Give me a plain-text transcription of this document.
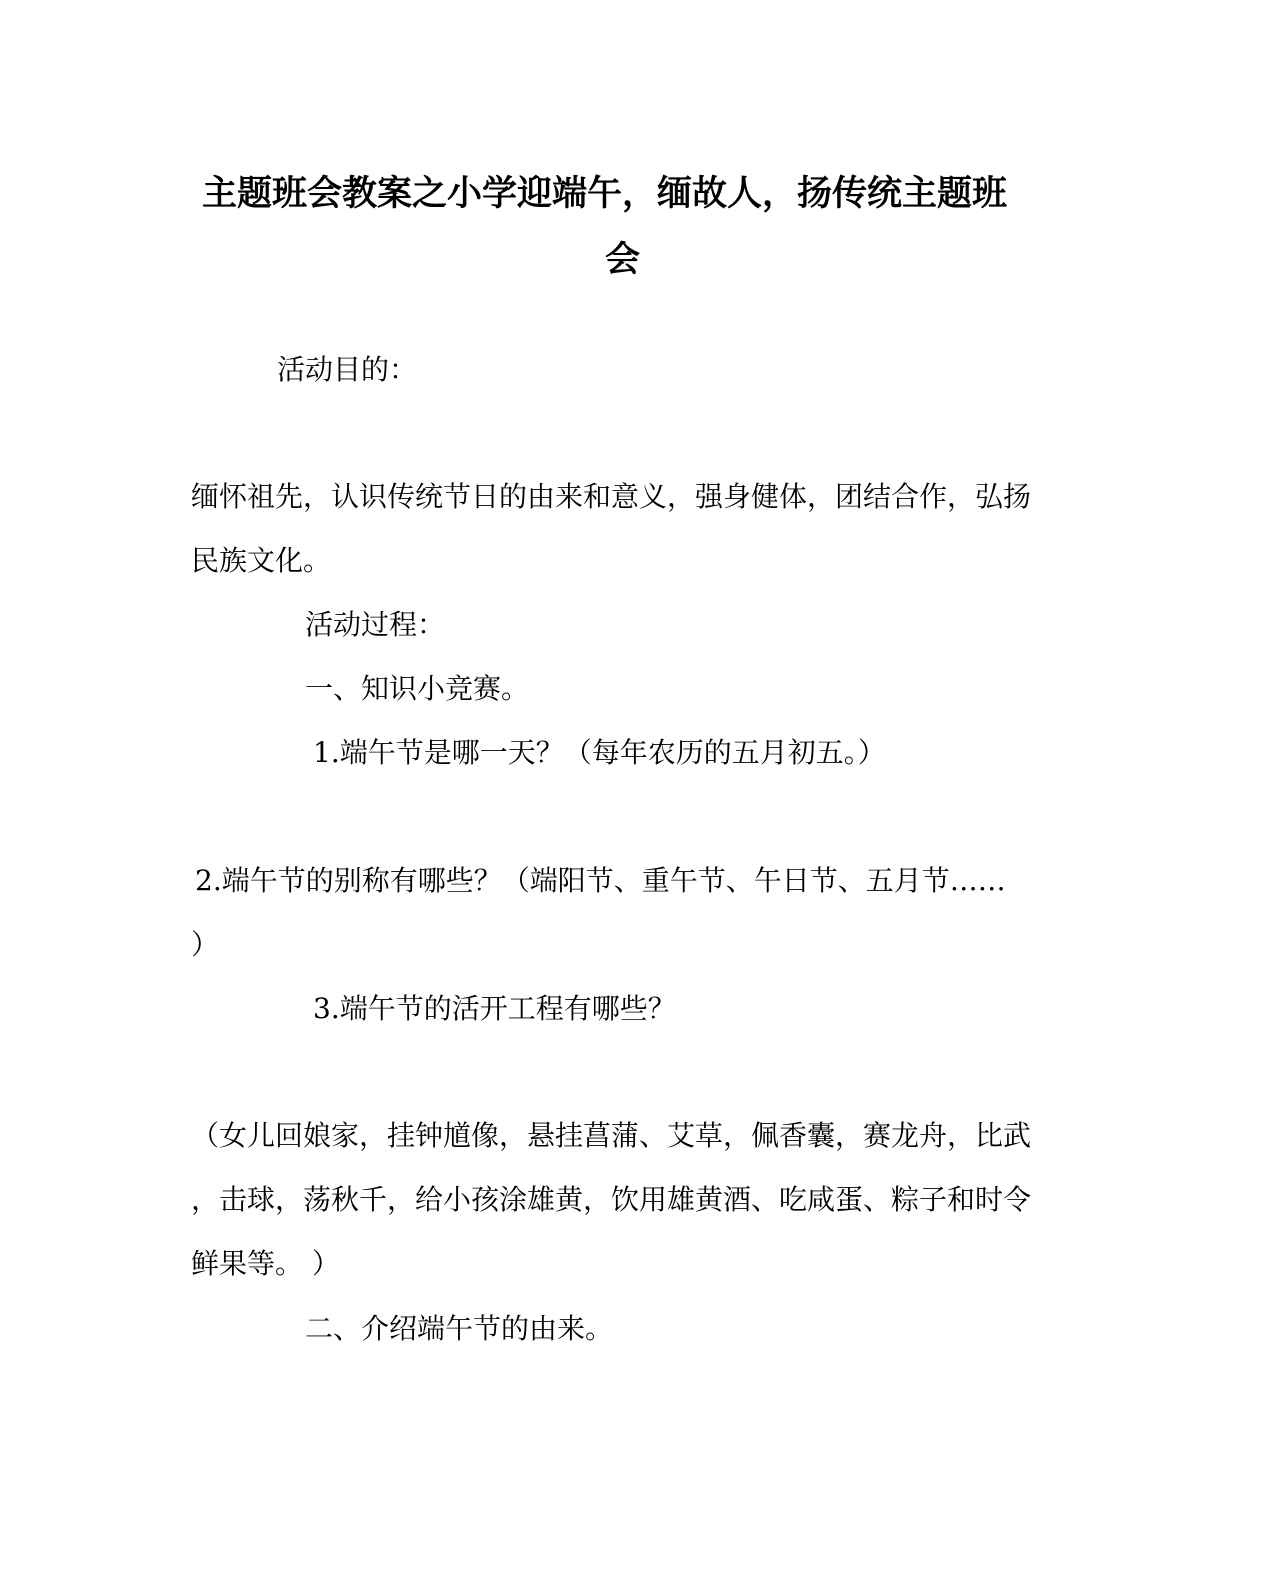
主题班会教案之小学迎端午，缅故人，扬传统主题班
会
活动目的：
缅怀祖先，认识传统节日的由来和意义，强身健体，团结合作，弘扬
民族文化。
活动过程：
一、知识小竞赛。
1.端午节是哪一天？（每年农历的五月初五。）
2.端午节的别称有哪些？（端阳节、重午节、午日节、五月节……
）
3.端午节的活开工程有哪些？
（女儿回娘家，挂钟馗像，悬挂菖蒲、艾草，佩香囊，赛龙舟，比武
，击球，荡秋千，给小孩涂雄黄，饮用雄黄酒、吃咸蛋、粽子和时令
鲜果等。 ）
二、介绍端午节的由来。
